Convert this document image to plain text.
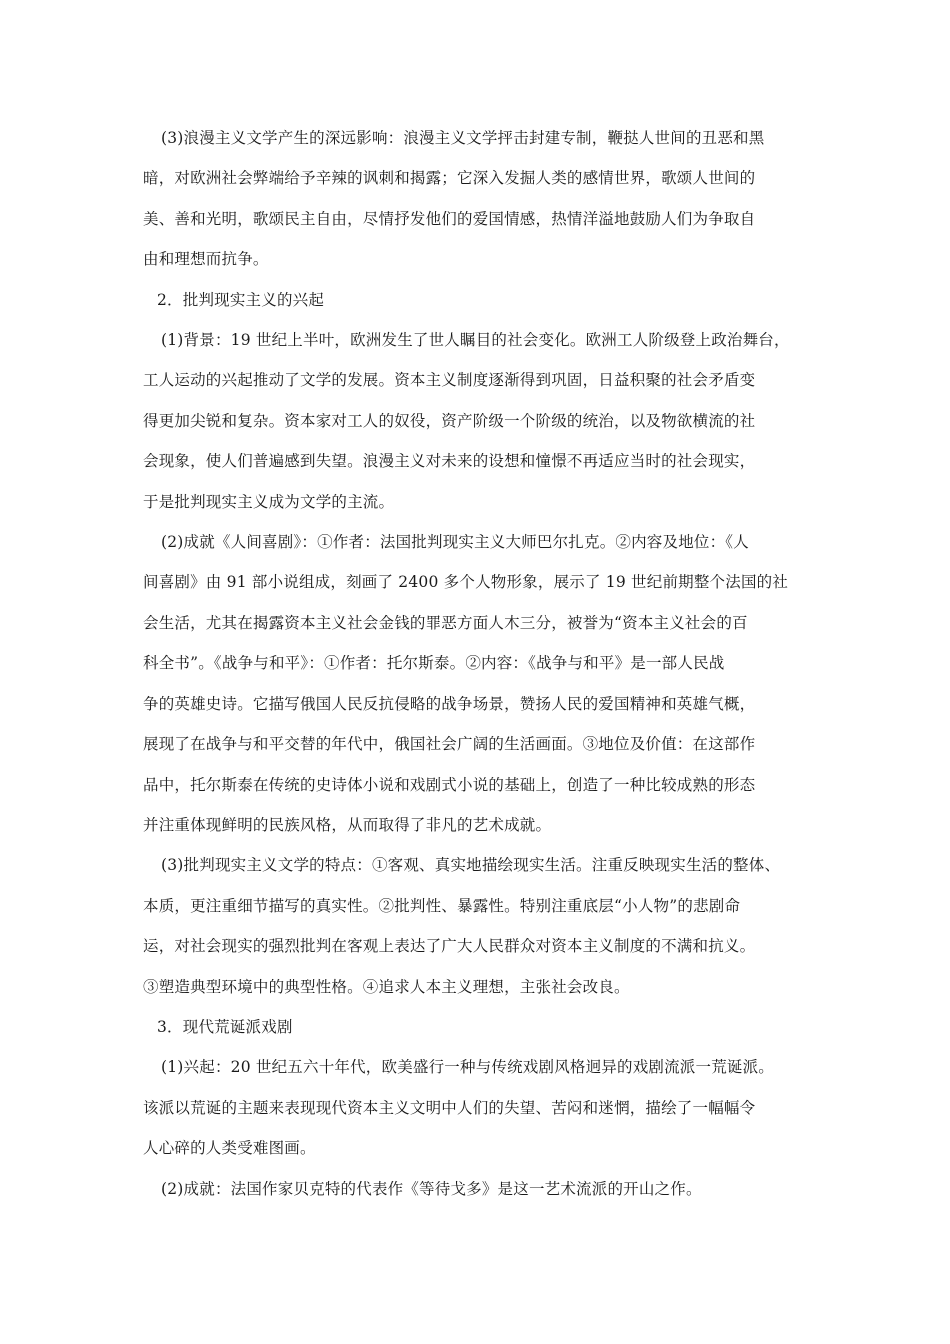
(3)浪漫主义文学产生的深远影响：浪漫主义文学抨击封建专制，鞭挞人世间的丑恶和黑
暗，对欧洲社会弊端给予辛辣的讽刺和揭露；它深入发掘人类的感情世界，歌颂人世间的
美、善和光明，歌颂民主自由，尽情抒发他们的爱国情感，热情洋溢地鼓励人们为争取自
由和理想而抗争。

2．批判现实主义的兴起

(1)背景：19 世纪上半叶，欧洲发生了世人瞩目的社会变化。欧洲工人阶级登上政治舞台，
工人运动的兴起推动了文学的发展。资本主义制度逐渐得到巩固，日益积聚的社会矛盾变
得更加尖锐和复杂。资本家对工人的奴役，资产阶级一个阶级的统治，以及物欲横流的社
会现象，使人们普遍感到失望。浪漫主义对未来的设想和憧憬不再适应当时的社会现实，
于是批判现实主义成为文学的主流。

(2)成就《人间喜剧》：①作者：法国批判现实主义大师巴尔扎克。②内容及地位：《人
间喜剧》由 91 部小说组成，刻画了 2400 多个人物形象，展示了 19 世纪前期整个法国的社
会生活，尤其在揭露资本主义社会金钱的罪恶方面人木三分，被誉为“资本主义社会的百
科全书”。《战争与和平》：①作者：托尔斯泰。②内容：《战争与和平》是一部人民战
争的英雄史诗。它描写俄国人民反抗侵略的战争场景，赞扬人民的爱国精神和英雄气概，
展现了在战争与和平交替的年代中，俄国社会广阔的生活画面。③地位及价值：在这部作
品中，托尔斯泰在传统的史诗体小说和戏剧式小说的基础上，创造了一种比较成熟的形态
并注重体现鲜明的民族风格，从而取得了非凡的艺术成就。

(3)批判现实主义文学的特点：①客观、真实地描绘现实生活。注重反映现实生活的整体、
本质，更注重细节描写的真实性。②批判性、暴露性。特别注重底层“小人物”的悲剧命
运，对社会现实的强烈批判在客观上表达了广大人民群众对资本主义制度的不满和抗义。
③塑造典型环境中的典型性格。④追求人本主义理想，主张社会改良。

3．现代荒诞派戏剧

(1)兴起：20 世纪五六十年代，欧美盛行一种与传统戏剧风格迥异的戏剧流派一荒诞派。
该派以荒诞的主题来表现现代资本主义文明中人们的失望、苦闷和迷惘，描绘了一幅幅令
人心碎的人类受难图画。

(2)成就：法国作家贝克特的代表作《等待戈多》是这一艺术流派的开山之作。
